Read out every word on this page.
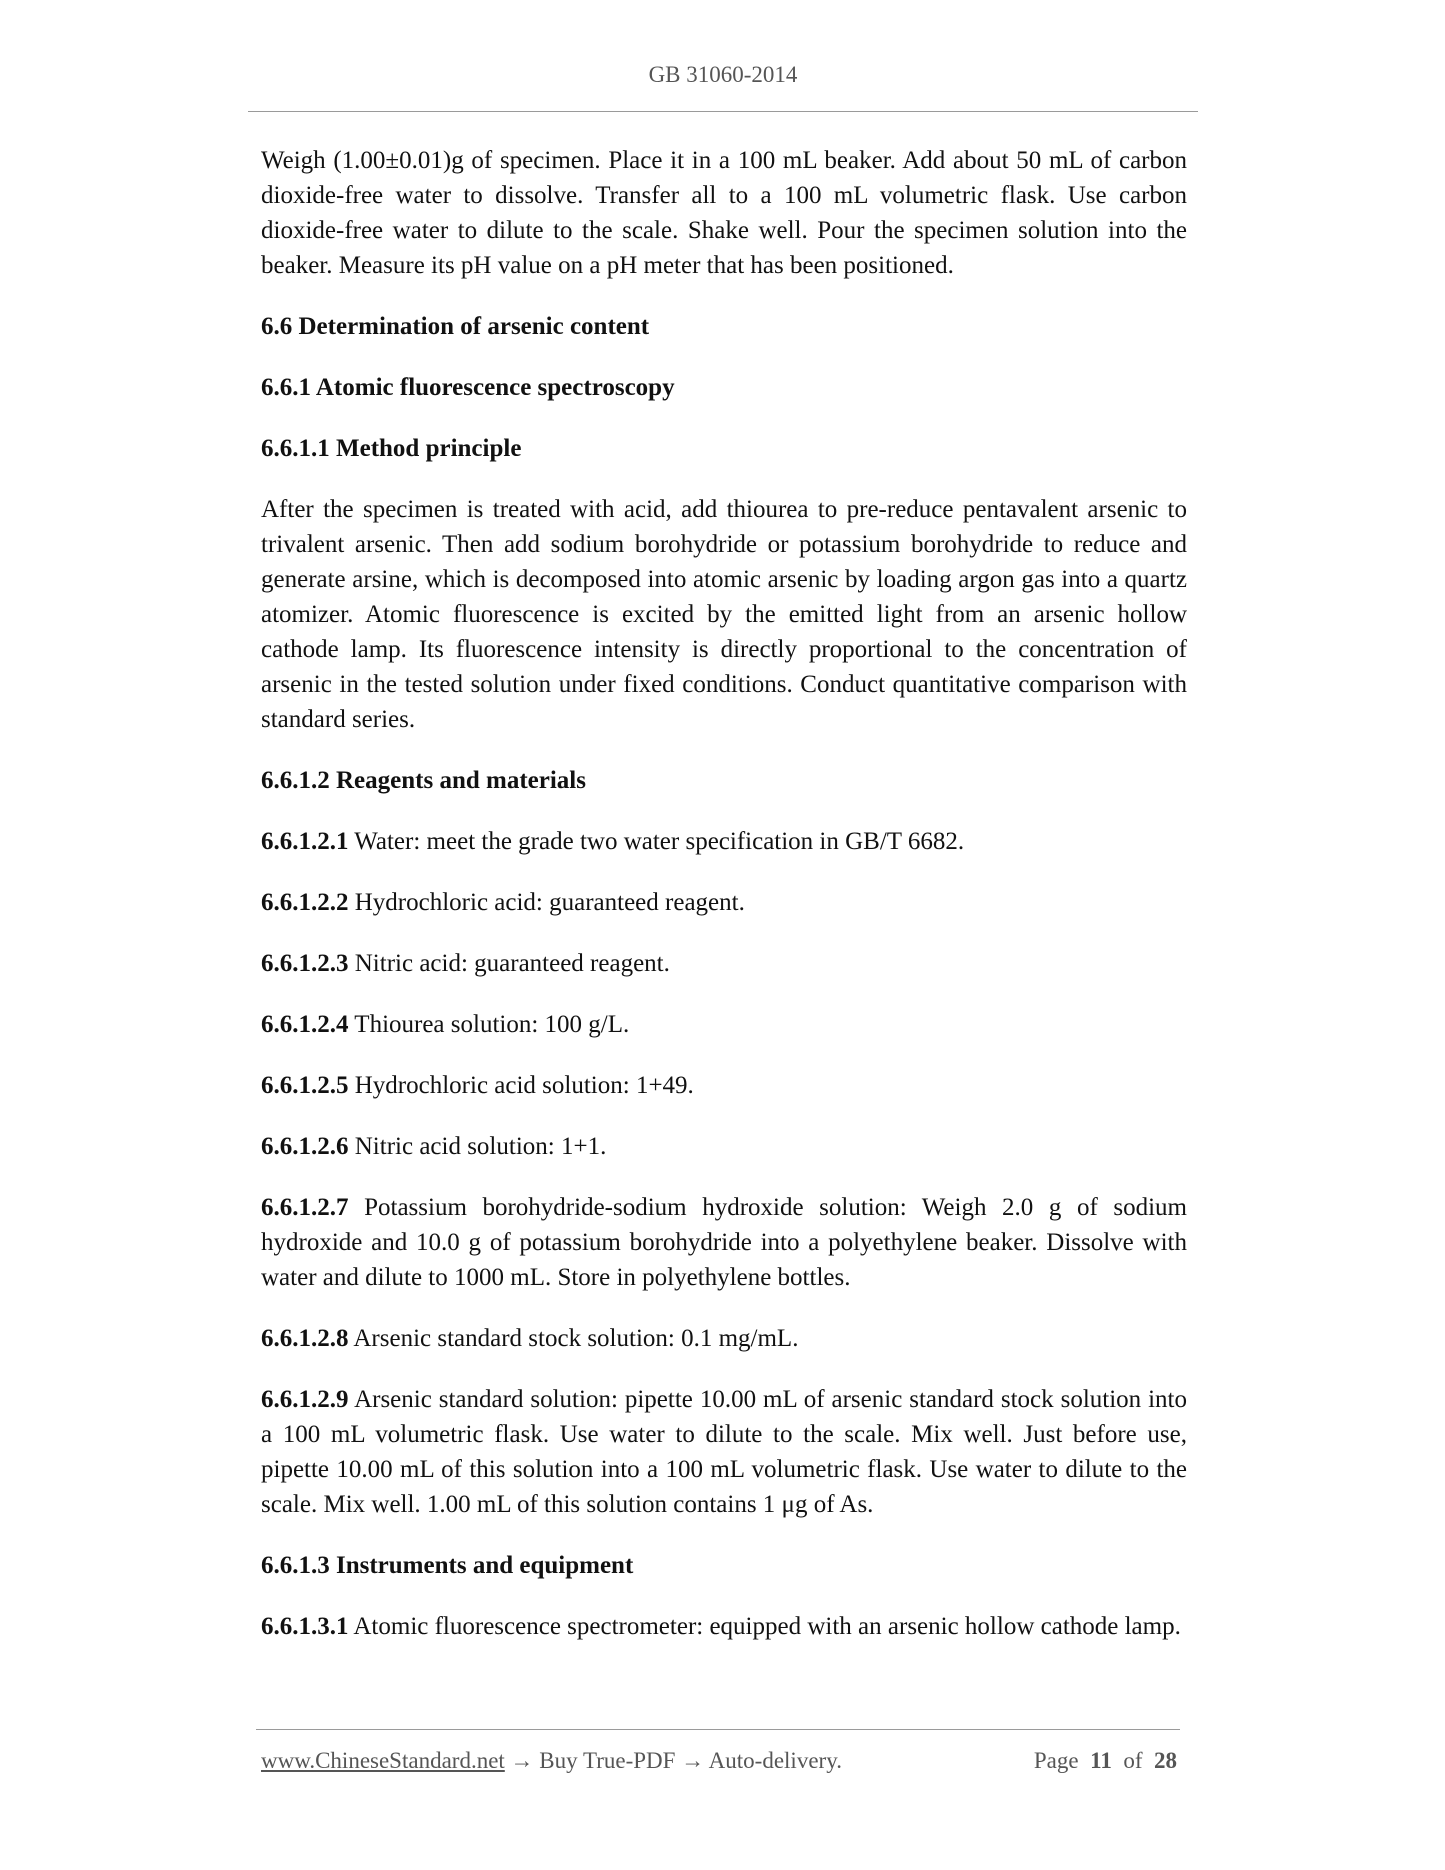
GB 31060-2014

Weigh (1.00±0.01)g of specimen. Place it in a 100 mL beaker. Add about 50 mL of carbon dioxide-free water to dissolve. Transfer all to a 100 mL volumetric flask. Use carbon dioxide-free water to dilute to the scale. Shake well. Pour the specimen solution into the beaker. Measure its pH value on a pH meter that has been positioned.

6.6 Determination of arsenic content
6.6.1 Atomic fluorescence spectroscopy
6.6.1.1 Method principle

After the specimen is treated with acid, add thiourea to pre-reduce pentavalent arsenic to trivalent arsenic. Then add sodium borohydride or potassium borohydride to reduce and generate arsine, which is decomposed into atomic arsenic by loading argon gas into a quartz atomizer. Atomic fluorescence is excited by the emitted light from an arsenic hollow cathode lamp. Its fluorescence intensity is directly proportional to the concentration of arsenic in the tested solution under fixed conditions. Conduct quantitative comparison with standard series.

6.6.1.2 Reagents and materials

6.6.1.2.1 Water: meet the grade two water specification in GB/T 6682.

6.6.1.2.2 Hydrochloric acid: guaranteed reagent.

6.6.1.2.3 Nitric acid: guaranteed reagent.

6.6.1.2.4 Thiourea solution: 100 g/L.

6.6.1.2.5 Hydrochloric acid solution: 1+49.

6.6.1.2.6 Nitric acid solution: 1+1.

6.6.1.2.7 Potassium borohydride-sodium hydroxide solution: Weigh 2.0 g of sodium hydroxide and 10.0 g of potassium borohydride into a polyethylene beaker. Dissolve with water and dilute to 1000 mL. Store in polyethylene bottles.

6.6.1.2.8 Arsenic standard stock solution: 0.1 mg/mL.

6.6.1.2.9 Arsenic standard solution: pipette 10.00 mL of arsenic standard stock solution into a 100 mL volumetric flask. Use water to dilute to the scale. Mix well. Just before use, pipette 10.00 mL of this solution into a 100 mL volumetric flask. Use water to dilute to the scale. Mix well. 1.00 mL of this solution contains 1 μg of As.

6.6.1.3 Instruments and equipment

6.6.1.3.1 Atomic fluorescence spectrometer: equipped with an arsenic hollow cathode lamp.

www.ChineseStandard.net → Buy True-PDF → Auto-delivery.	Page 11 of 28
